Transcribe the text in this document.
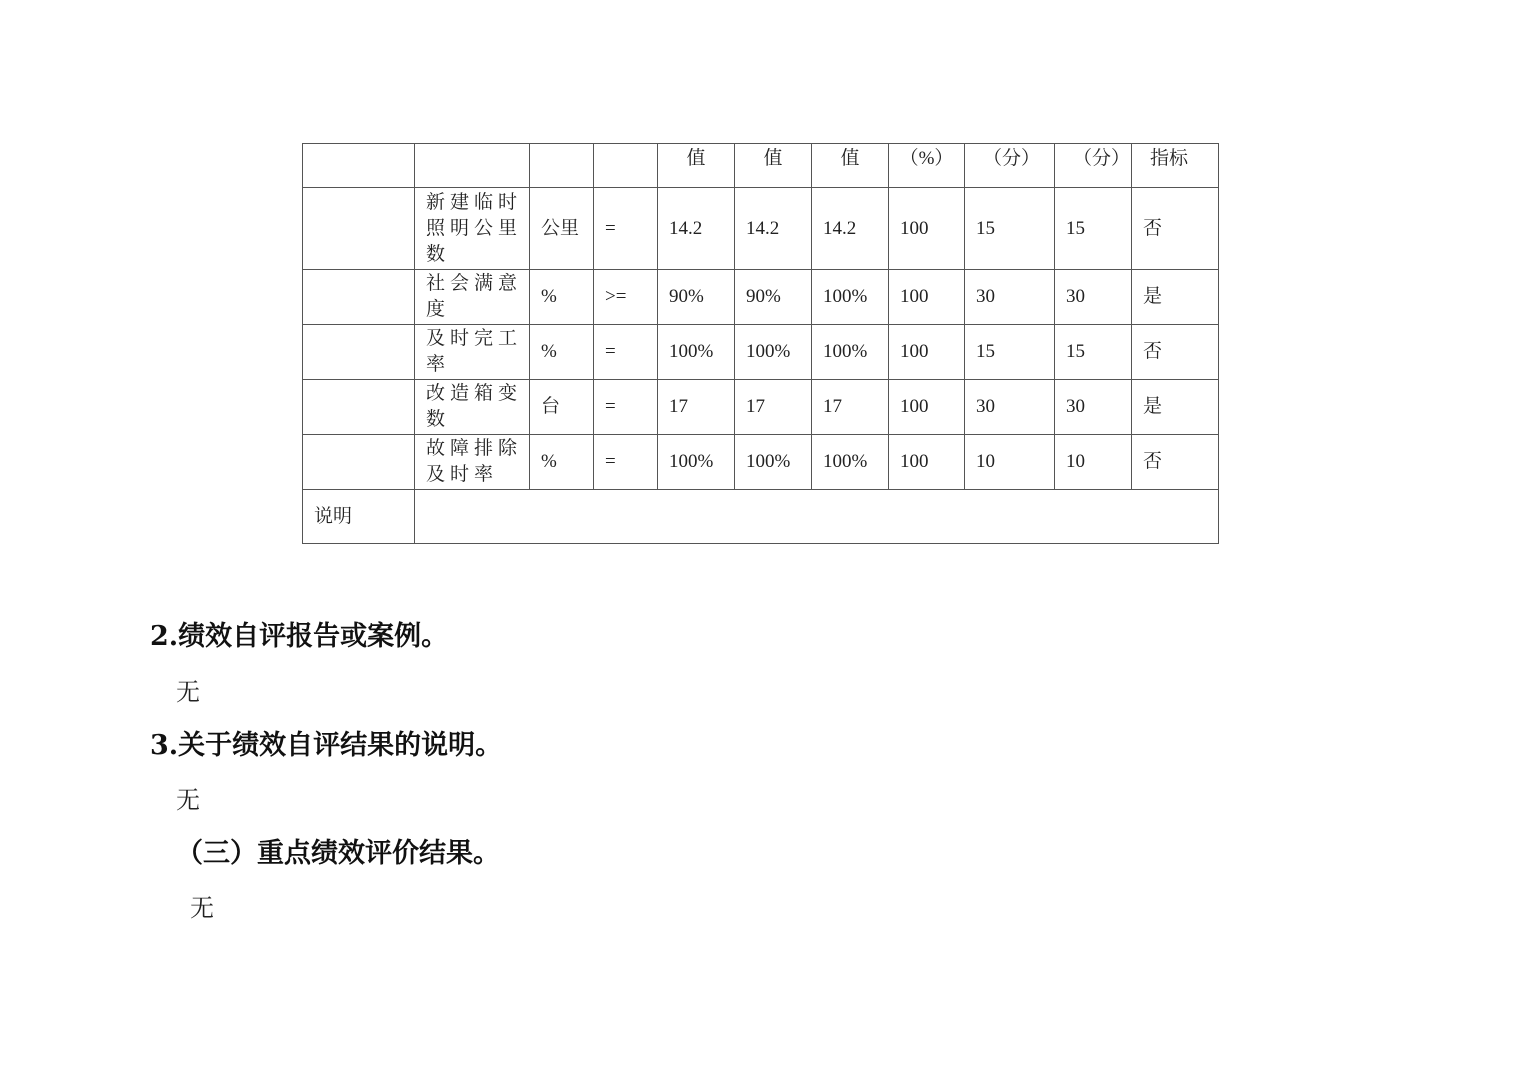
				值	值	值	（%）	（分）	（分）	指标
	新建临时照明公里数	公里	=	14.2	14.2	14.2	100	15	15	否
	社会满意度	%	>=	90%	90%	100%	100	30	30	是
	及时完工率	%	=	100%	100%	100%	100	15	15	否
	改造箱变数	台	=	17	17	17	100	30	30	是
	故障排除及时率	%	=	100%	100%	100%	100	10	10	否
说明										
2.绩效自评报告或案例。
无
3.关于绩效自评结果的说明。
无
（三）重点绩效评价结果。
无
